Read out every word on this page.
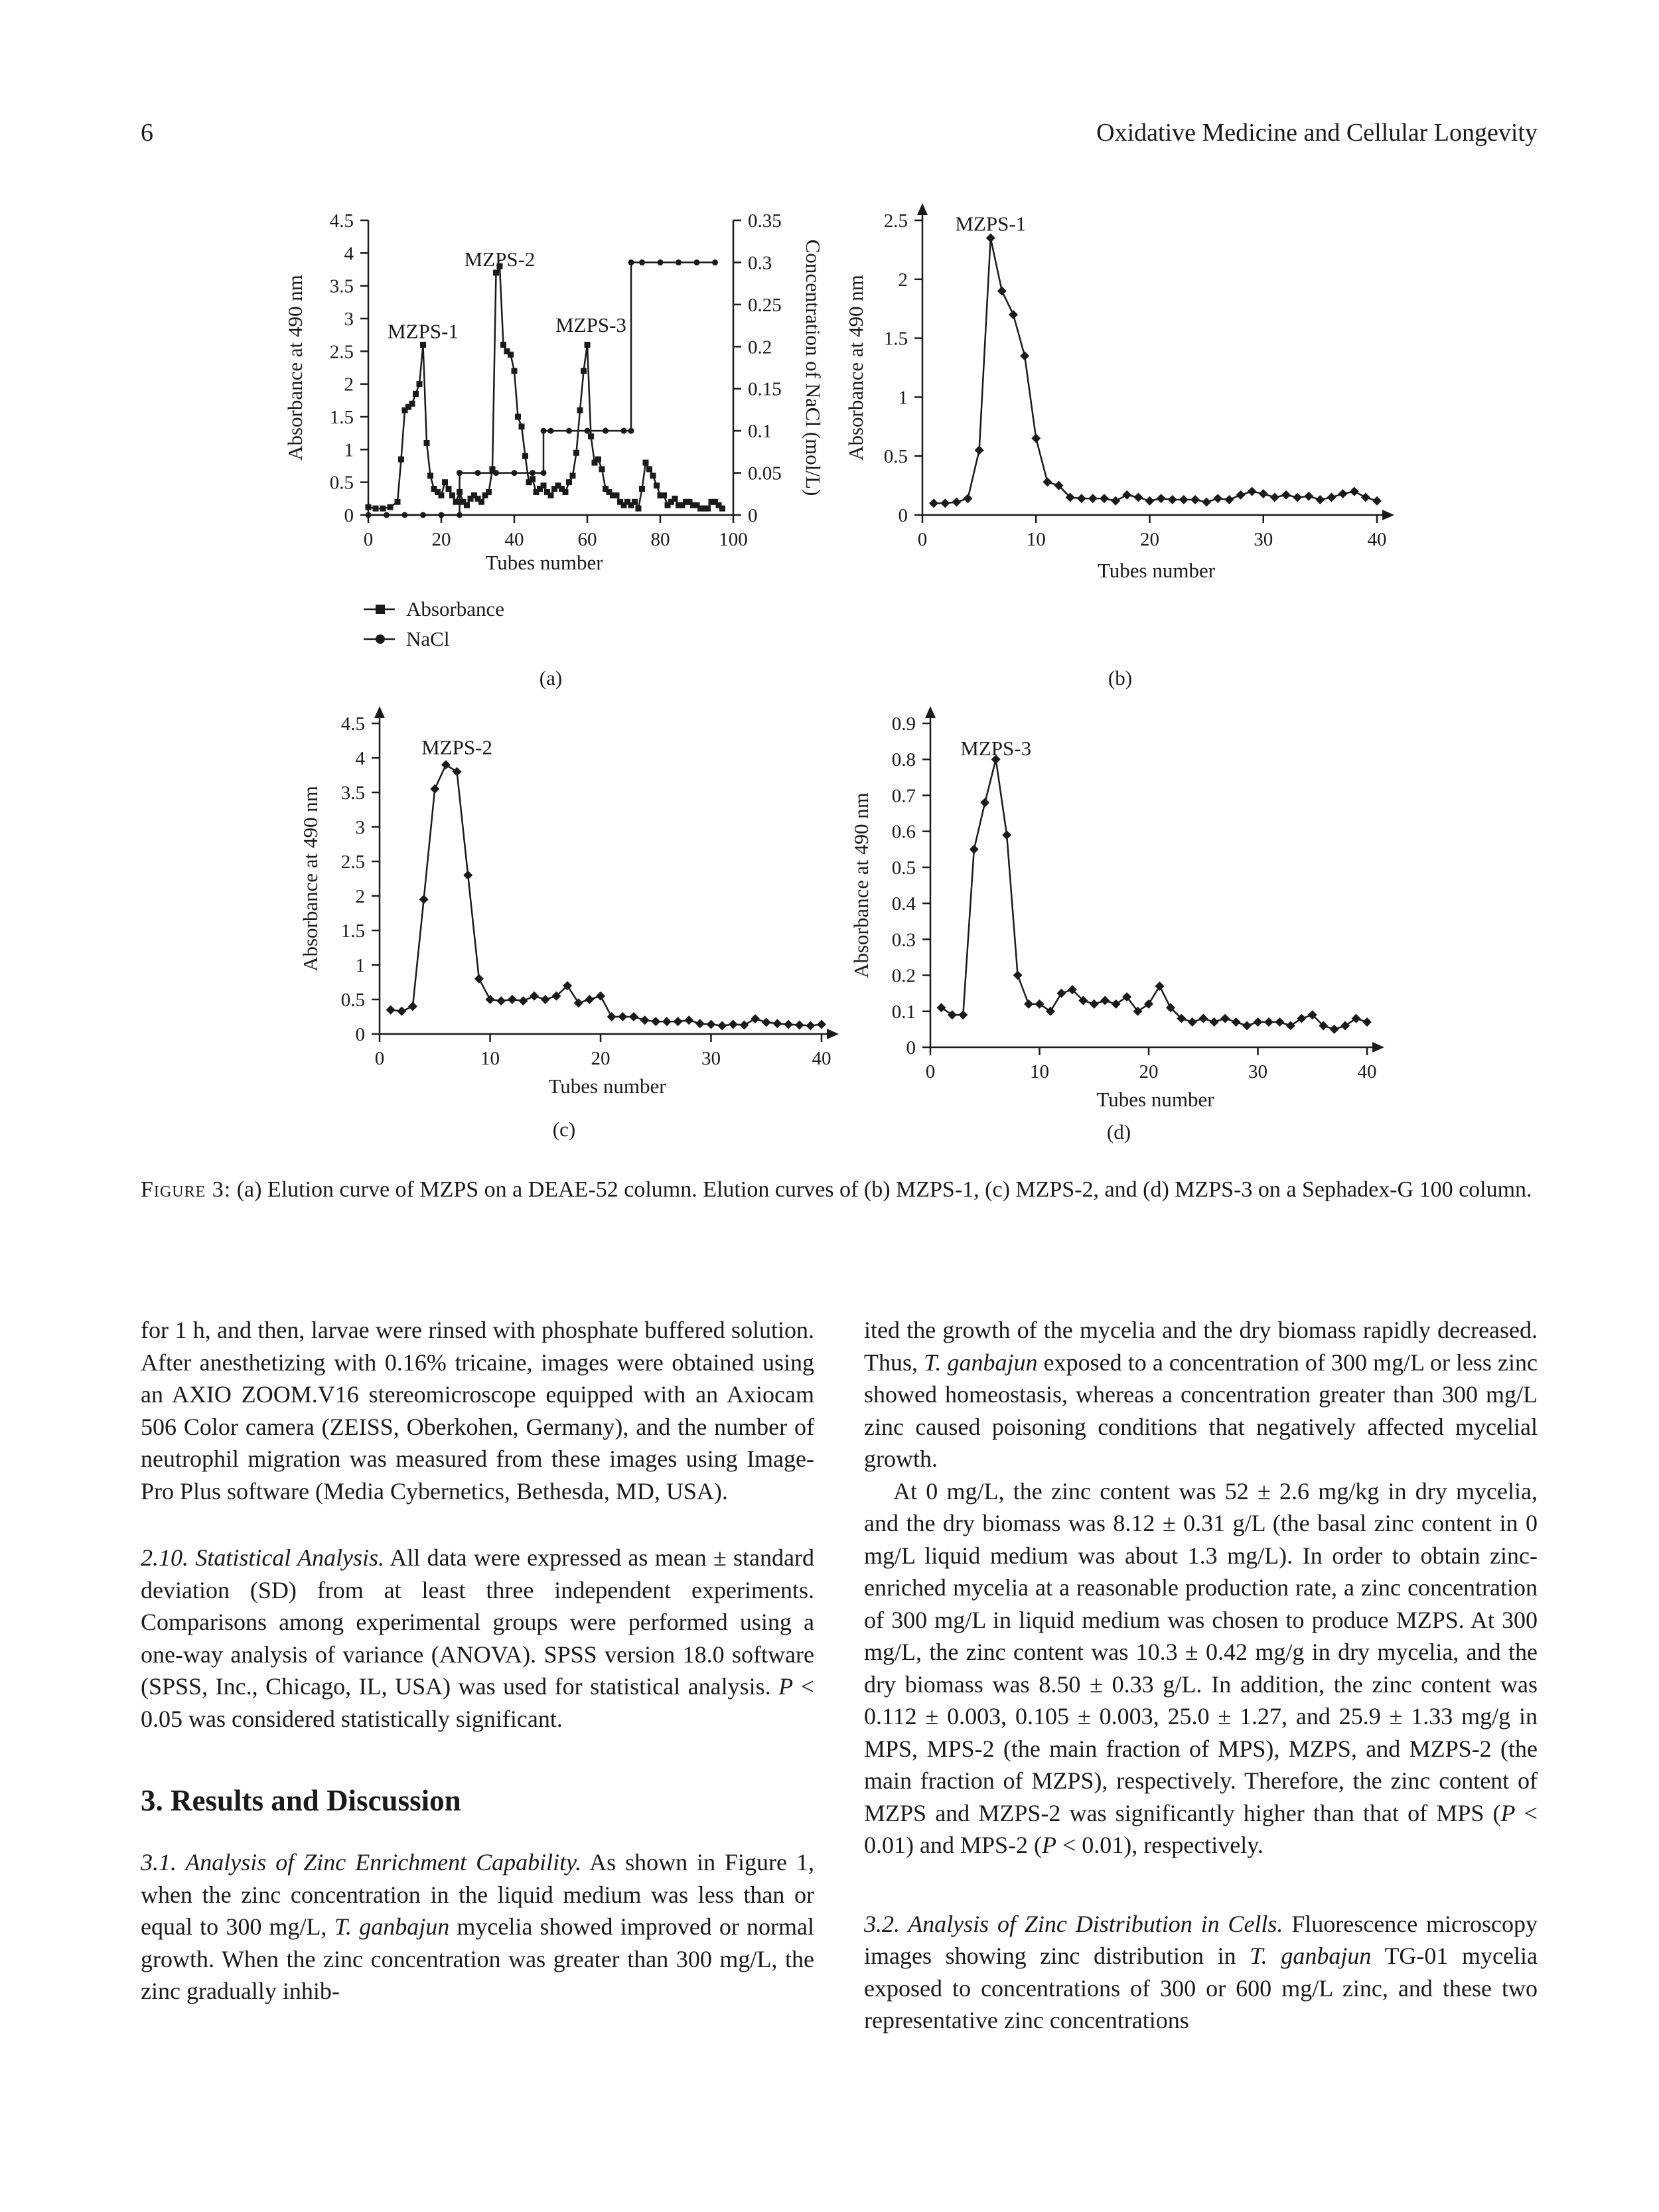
6	Oxidative Medicine and Cellular Longevity
0
0.5
1
1.5
2
2.5
3
3.5
4
4.5
0	20	40	60	80	100
Tubes number
Absorbance at 490 nm
(a)
0
0.05
0.1
0.15
0.2
0.25
0.3
0.35
Concentration of NaCl (mol/L)
Absorbance
NaCl
MZPS-1
MZPS-2
MZPS-3
0
0.5
1
1.5
2
2.5
0	10	20	30	40
Tubes number
Absorbance at 490 nm
(b)
MZPS-1
0
0.5
1
1.5
2
2.5
3
3.5
4
4.5
0	10	20	30	40
Tubes number
Absorbance at 490 nm
(c)
MZPS-2
0
0.1
0.2
0.3
0.4
0.5
0.6
0.7
0.8
0.9
0	10	20	30	40
Tubes number
Absorbance at 490 nm
(d)
MZPS-3
Figure 3: (a) Elution curve of MZPS on a DEAE-52 column. Elution curves of (b) MZPS-1, (c) MZPS-2, and (d) MZPS-3 on a Sephadex-G 100 column.

for 1 h, and then, larvae were rinsed with phosphate buffered solution. After anesthetizing with 0.16% tricaine, images were obtained using an AXIO ZOOM.V16 stereomicroscope equipped with an Axiocam 506 Color camera (ZEISS, Oberkohen, Germany), and the number of neutrophil migration was measured from these images using Image-Pro Plus software (Media Cybernetics, Bethesda, MD, USA).

2.10. Statistical Analysis. All data were expressed as mean ± standard deviation (SD) from at least three independent experiments. Comparisons among experimental groups were performed using a one-way analysis of variance (ANOVA). SPSS version 18.0 software (SPSS, Inc., Chicago, IL, USA) was used for statistical analysis. P < 0.05 was considered statistically significant.

3. Results and Discussion

3.1. Analysis of Zinc Enrichment Capability. As shown in Figure 1, when the zinc concentration in the liquid medium was less than or equal to 300 mg/L, T. ganbajun mycelia showed improved or normal growth. When the zinc concentration was greater than 300 mg/L, the zinc gradually inhib-

ited the growth of the mycelia and the dry biomass rapidly decreased. Thus, T. ganbajun exposed to a concentration of 300 mg/L or less zinc showed homeostasis, whereas a concentration greater than 300 mg/L zinc caused poisoning conditions that negatively affected mycelial growth.

At 0 mg/L, the zinc content was 52 ± 2.6 mg/kg in dry mycelia, and the dry biomass was 8.12 ± 0.31 g/L (the basal zinc content in 0 mg/L liquid medium was about 1.3 mg/L). In order to obtain zinc-enriched mycelia at a reasonable production rate, a zinc concentration of 300 mg/L in liquid medium was chosen to produce MZPS. At 300 mg/L, the zinc content was 10.3 ± 0.42 mg/g in dry mycelia, and the dry biomass was 8.50 ± 0.33 g/L. In addition, the zinc content was 0.112 ± 0.003, 0.105 ± 0.003, 25.0 ± 1.27, and 25.9 ± 1.33 mg/g in MPS, MPS-2 (the main fraction of MPS), MZPS, and MZPS-2 (the main fraction of MZPS), respectively. Therefore, the zinc content of MZPS and MZPS-2 was significantly higher than that of MPS (P < 0.01) and MPS-2 (P < 0.01), respectively.

3.2. Analysis of Zinc Distribution in Cells. Fluorescence microscopy images showing zinc distribution in T. ganbajun TG-01 mycelia exposed to concentrations of 300 or 600 mg/L zinc, and these two representative zinc concentrations
